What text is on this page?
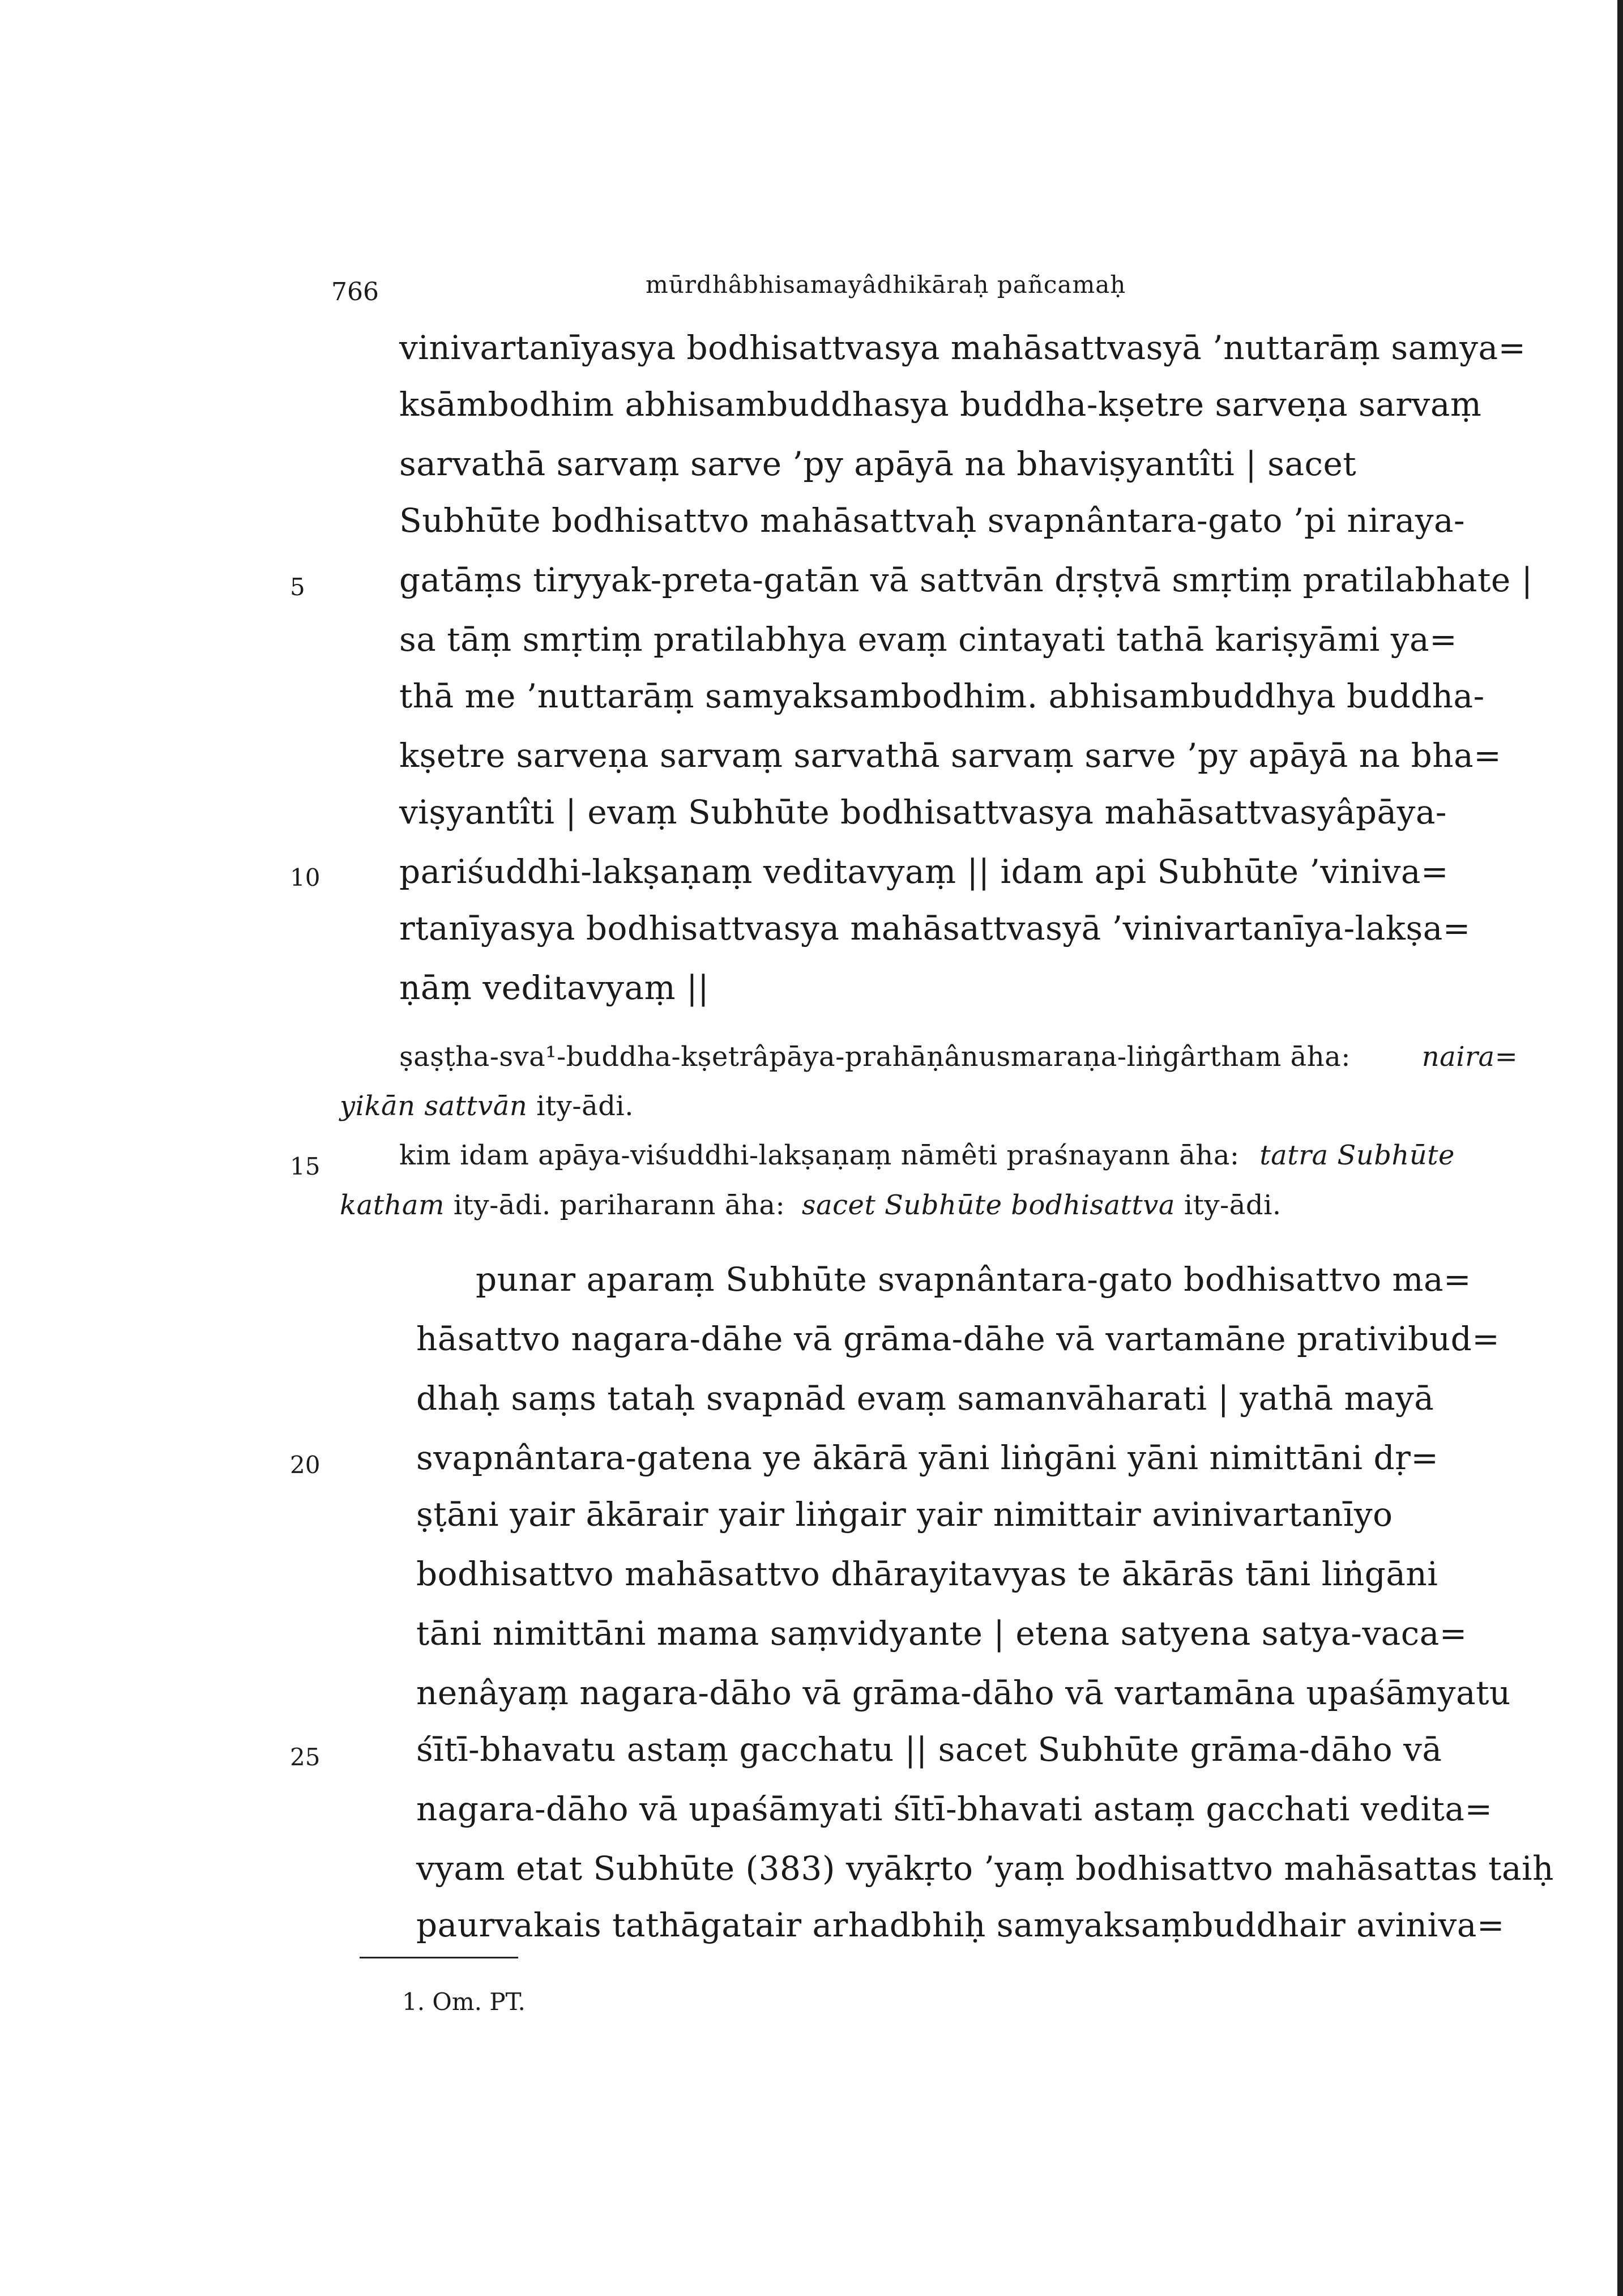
766	mūrdhâbhisamayâdhikāraḥ pañcamaḥ
vinivartanīyasya bodhisattvasya mahāsattvasyā ’nuttarāṃ samya=
ksāmbodhim abhisambuddhasya buddha-kṣetre sarveṇa sarvaṃ
sarvathā sarvaṃ sarve ’py apāyā na bhaviṣyantîti | sacet
Subhūte bodhisattvo mahāsattvaḥ svapnântara-gato ’pi niraya-
gatāṃs tiryyak-preta-gatān vā sattvān dṛṣṭvā smṛtiṃ pratilabhate |
sa tāṃ smṛtiṃ pratilabhya evaṃ cintayati tathā kariṣyāmi ya=
thā me ’nuttarāṃ samyaksambodhim. abhisambuddhya buddha-
kṣetre sarveṇa sarvaṃ sarvathā sarvaṃ sarve ’py apāyā na bha=
viṣyantîti | evaṃ Subhūte bodhisattvasya mahāsattvasyâpāya-
pariśuddhi-lakṣaṇaṃ veditavyaṃ || idam api Subhūte ’viniva=
rtanīyasya bodhisattvasya mahāsattvasyā ’vinivartanīya-lakṣa=
ṇāṃ veditavyaṃ ||
ṣaṣṭha-sva¹-buddha-kṣetrâpāya-prahāṇânusmaraṇa-liṅgârtham āha:	naira=
yikān sattvān ity-ādi.
kim idam apāya-viśuddhi-lakṣaṇaṃ nāmêti praśnayann āha: tatra Subhūte
katham ity-ādi. pariharann āha: sacet Subhūte bodhisattva ity-ādi.
punar aparaṃ Subhūte svapnântara-gato bodhisattvo ma=
hāsattvo nagara-dāhe vā grāma-dāhe vā vartamāne prativibud=
dhaḥ saṃs tataḥ svapnād evaṃ samanvāharati | yathā mayā
svapnântara-gatena ye ākārā yāni liṅgāni yāni nimittāni dṛ=
ṣṭāni yair ākārair yair liṅgair yair nimittair avinivartanīyo
bodhisattvo mahāsattvo dhārayitavyas te ākārās tāni liṅgāni
tāni nimittāni mama saṃvidyante | etena satyena satya-vaca=
nenâyaṃ nagara-dāho vā grāma-dāho vā vartamāna upaśāmyatu
śītī-bhavatu astaṃ gacchatu || sacet Subhūte grāma-dāho vā
nagara-dāho vā upaśāmyati śītī-bhavati astaṃ gacchati vedita=
vyam etat Subhūte (383) vyākṛto ’yaṃ bodhisattvo mahāsattas taiḥ
paurvakais tathāgatair arhadbhiḥ samyaksaṃbuddhair aviniva=
5
10
15
20
25
1. Om. PT.
